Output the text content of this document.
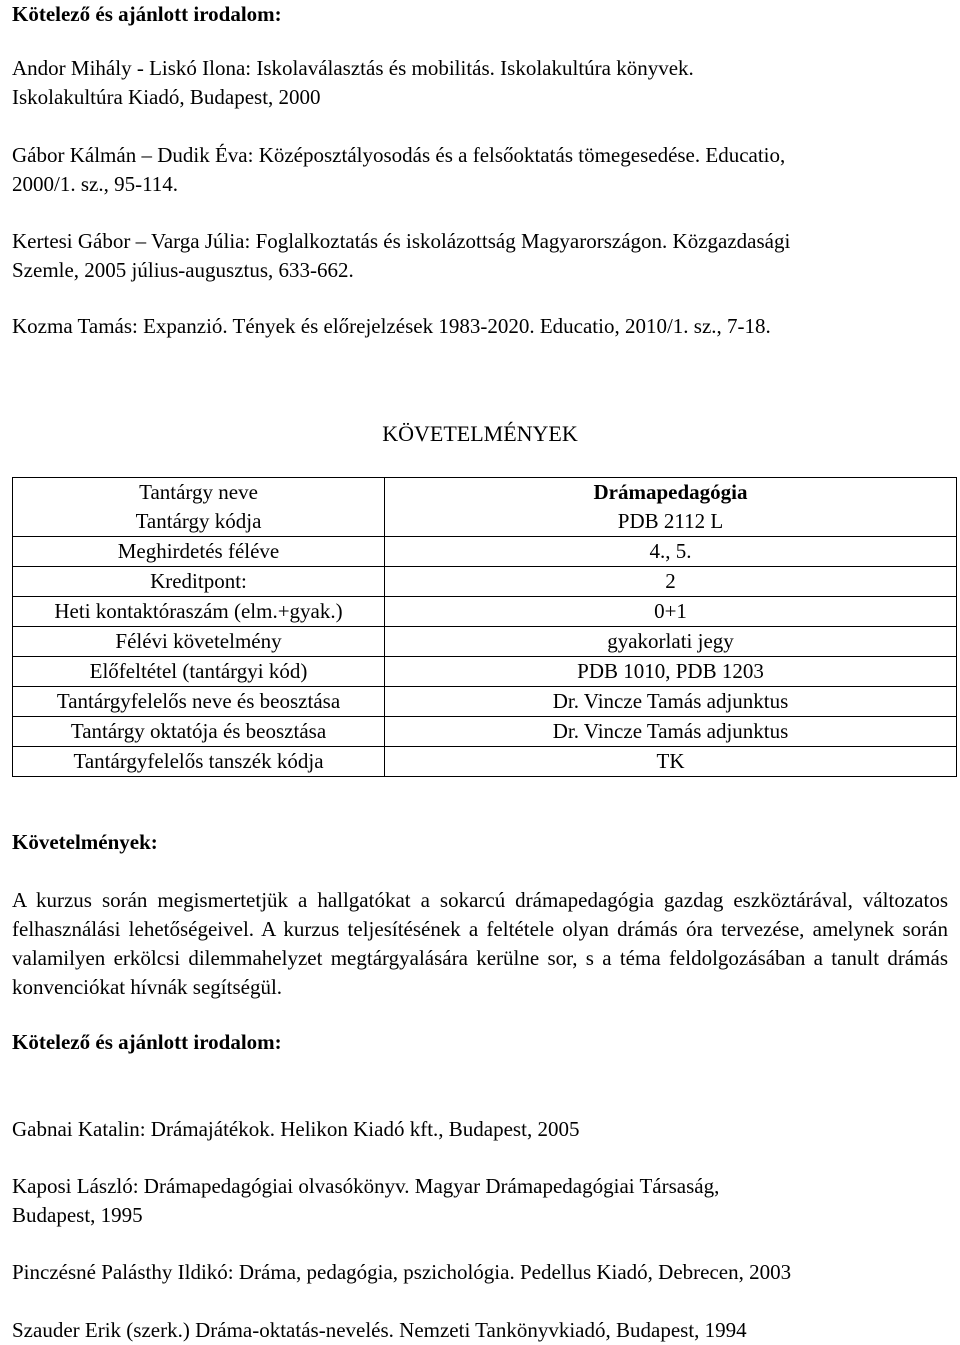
Kötelező és ajánlott irodalom:
Andor Mihály - Liskó Ilona: Iskolaválasztás és mobilitás. Iskolakultúra könyvek.
Iskolakultúra Kiadó, Budapest, 2000
Gábor Kálmán – Dudik Éva: Középosztályosodás és a felsőoktatás tömegesedése. Educatio,
2000/1. sz., 95-114.
Kertesi Gábor – Varga Júlia: Foglalkoztatás és iskolázottság Magyarországon. Közgazdasági
Szemle, 2005 július-augusztus, 633-662.
Kozma Tamás: Expanzió. Tények és előrejelzések 1983-2020. Educatio, 2010/1. sz., 7-18.
KÖVETELMÉNYEK
Tantárgy neve	Drámapedagógia
Tantárgy kódja	PDB 2112 L
Meghirdetés féléve	4., 5.
Kreditpont:	2
Heti kontaktóraszám (elm.+gyak.)	0+1
Félévi követelmény	gyakorlati jegy
Előfeltétel (tantárgyi kód)	PDB 1010, PDB 1203
Tantárgyfelelős neve és beosztása	Dr. Vincze Tamás adjunktus
Tantárgy oktatója és beosztása	Dr. Vincze Tamás adjunktus
Tantárgyfelelős tanszék kódja	TK
Követelmények:
A kurzus során megismertetjük a hallgatókat a sokarcú drámapedagógia gazdag eszköztárával, változatos felhasználási lehetőségeivel. A kurzus teljesítésének a feltétele olyan drámás óra tervezése, amelynek során valamilyen erkölcsi dilemmahelyzet megtárgyalására kerülne sor, s a téma feldolgozásában a tanult drámás konvenciókat hívnák segítségül.
Kötelező és ajánlott irodalom:
Gabnai Katalin: Drámajátékok. Helikon Kiadó kft., Budapest, 2005
Kaposi László: Drámapedagógiai olvasókönyv. Magyar Drámapedagógiai Társaság,
Budapest, 1995
Pinczésné Palásthy Ildikó: Dráma, pedagógia, pszichológia. Pedellus Kiadó, Debrecen, 2003
Szauder Erik (szerk.) Dráma-oktatás-nevelés. Nemzeti Tankönyvkiadó, Budapest, 1994
